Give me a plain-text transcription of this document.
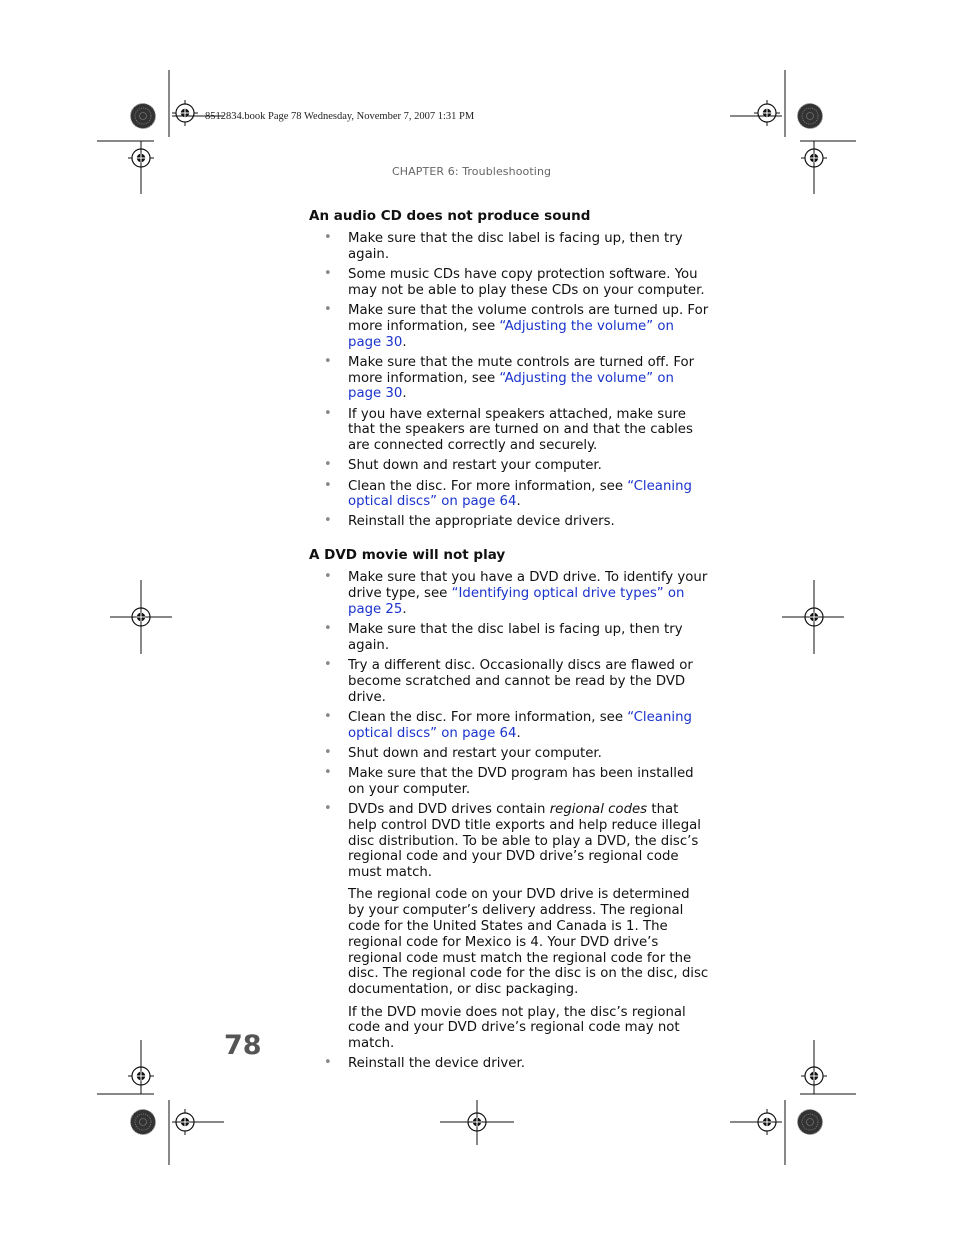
8512834.book Page 78 Wednesday, November 7, 2007 1:31 PM
CHAPTER 6: Troubleshooting
An audio CD does not produce sound
• Make sure that the disc label is facing up, then try again.
• Some music CDs have copy protection software. You may not be able to play these CDs on your computer.
• Make sure that the volume controls are turned up. For more information, see “Adjusting the volume” on page 30.
• Make sure that the mute controls are turned off. For more information, see “Adjusting the volume” on page 30.
• If you have external speakers attached, make sure that the speakers are turned on and that the cables are connected correctly and securely.
• Shut down and restart your computer.
• Clean the disc. For more information, see “Cleaning optical discs” on page 64.
• Reinstall the appropriate device drivers.
A DVD movie will not play
• Make sure that you have a DVD drive. To identify your drive type, see “Identifying optical drive types” on page 25.
• Make sure that the disc label is facing up, then try again.
• Try a different disc. Occasionally discs are flawed or become scratched and cannot be read by the DVD drive.
• Clean the disc. For more information, see “Cleaning optical discs” on page 64.
• Shut down and restart your computer.
• Make sure that the DVD program has been installed on your computer.
• DVDs and DVD drives contain regional codes that help control DVD title exports and help reduce illegal disc distribution. To be able to play a DVD, the disc’s regional code and your DVD drive’s regional code must match.

The regional code on your DVD drive is determined by your computer’s delivery address. The regional code for the United States and Canada is 1. The regional code for Mexico is 4. Your DVD drive’s regional code must match the regional code for the disc. The regional code for the disc is on the disc, disc documentation, or disc packaging.

If the DVD movie does not play, the disc’s regional code and your DVD drive’s regional code may not match.

• Reinstall the device driver.
78
